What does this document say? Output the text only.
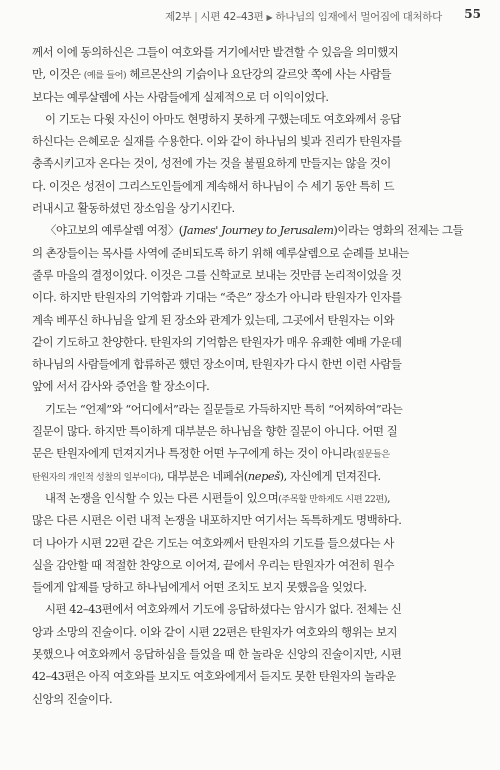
제2부 | 시편 42–43편 ▶ 하나님의 임재에서 멀어짐에 대처하다 55
께서 이에 동의하신은 그들이 여호와를 거기에서만 발견할 수 있음을 의미했지
만, 이것은 (예를 들어) 헤르몬산의 기슭이나 요단강의 갈르앗 쪽에 사는 사람들
보다는 예루살렘에 사는 사람들에게 실제적으로 더 이익이었다.
이 기도는 다윗 자신이 아마도 현명하지 못하게 구했는데도 여호와께서 응답
하신다는 은혜로운 실재를 수용한다. 이와 같이 하나님의 빛과 진리가 탄원자를
충족시키고자 온다는 것이, 성전에 가는 것을 불필요하게 만들지는 않을 것이
다. 이것은 성전이 그리스도인들에게 계속해서 하나님이 수 세기 동안 특히 드
러내시고 활동하셨던 장소임을 상기시킨다.
〈야고보의 예루살렘 여정〉(James' Journey to Jerusalem)이라는 영화의 전제는 그들
의 촌장들이는 목사를 사역에 준비되도록 하기 위해 예루살렘으로 순례를 보내는
줄루 마을의 결정이었다. 이것은 그를 신학교로 보내는 것만큼 논리적이었을 것
이다. 하지만 탄원자의 기억함과 기대는 “죽은” 장소가 아니라 탄원자가 인자를
계속 베푸신 하나님을 알게 된 장소와 관계가 있는데, 그곳에서 탄원자는 이와
같이 기도하고 찬양한다. 탄원자의 기억함은 탄원자가 매우 유쾌한 예배 가운데
하나님의 사람들에게 합류하곤 했던 장소이며, 탄원자가 다시 한번 이런 사람들
앞에 서서 감사와 증언을 할 장소이다.
기도는 “언제”와 “어디에서”라는 질문들로 가득하지만 특히 “어찌하여”라는
질문이 많다. 하지만 특이하게 대부분은 하나님을 향한 질문이 아니다. 어떤 질
문은 탄원자에게 던져지거나 특정한 어떤 누구에게 하는 것이 아니라(질문들은
탄원자의 개인적 성찰의 일부이다), 대부분은 네페쉬(nepeš), 자신에게 던져진다.
내적 논쟁을 인식할 수 있는 다른 시편들이 있으며(주목할 만하게도 시편 22편),
많은 다른 시편은 이런 내적 논쟁을 내포하지만 여기서는 독특하게도 명백하다.
더 나아가 시편 22편 같은 기도는 여호와께서 탄원자의 기도를 들으셨다는 사
실을 감안할 때 적절한 찬양으로 이어져, 끝에서 우리는 탄원자가 여전히 원수
들에게 압제를 당하고 하나님에게서 어떤 조치도 보지 못했음을 잊었다.
시편 42–43편에서 여호와께서 기도에 응답하셨다는 암시가 없다. 전체는 신
앙과 소망의 진술이다. 이와 같이 시편 22편은 탄원자가 여호와의 행위는 보지
못했으나 여호와께서 응답하심을 들었을 때 한 놀라운 신앙의 진술이지만, 시편
42–43편은 아직 여호와를 보지도 여호와에게서 듣지도 못한 탄원자의 놀라운
신앙의 진술이다.
